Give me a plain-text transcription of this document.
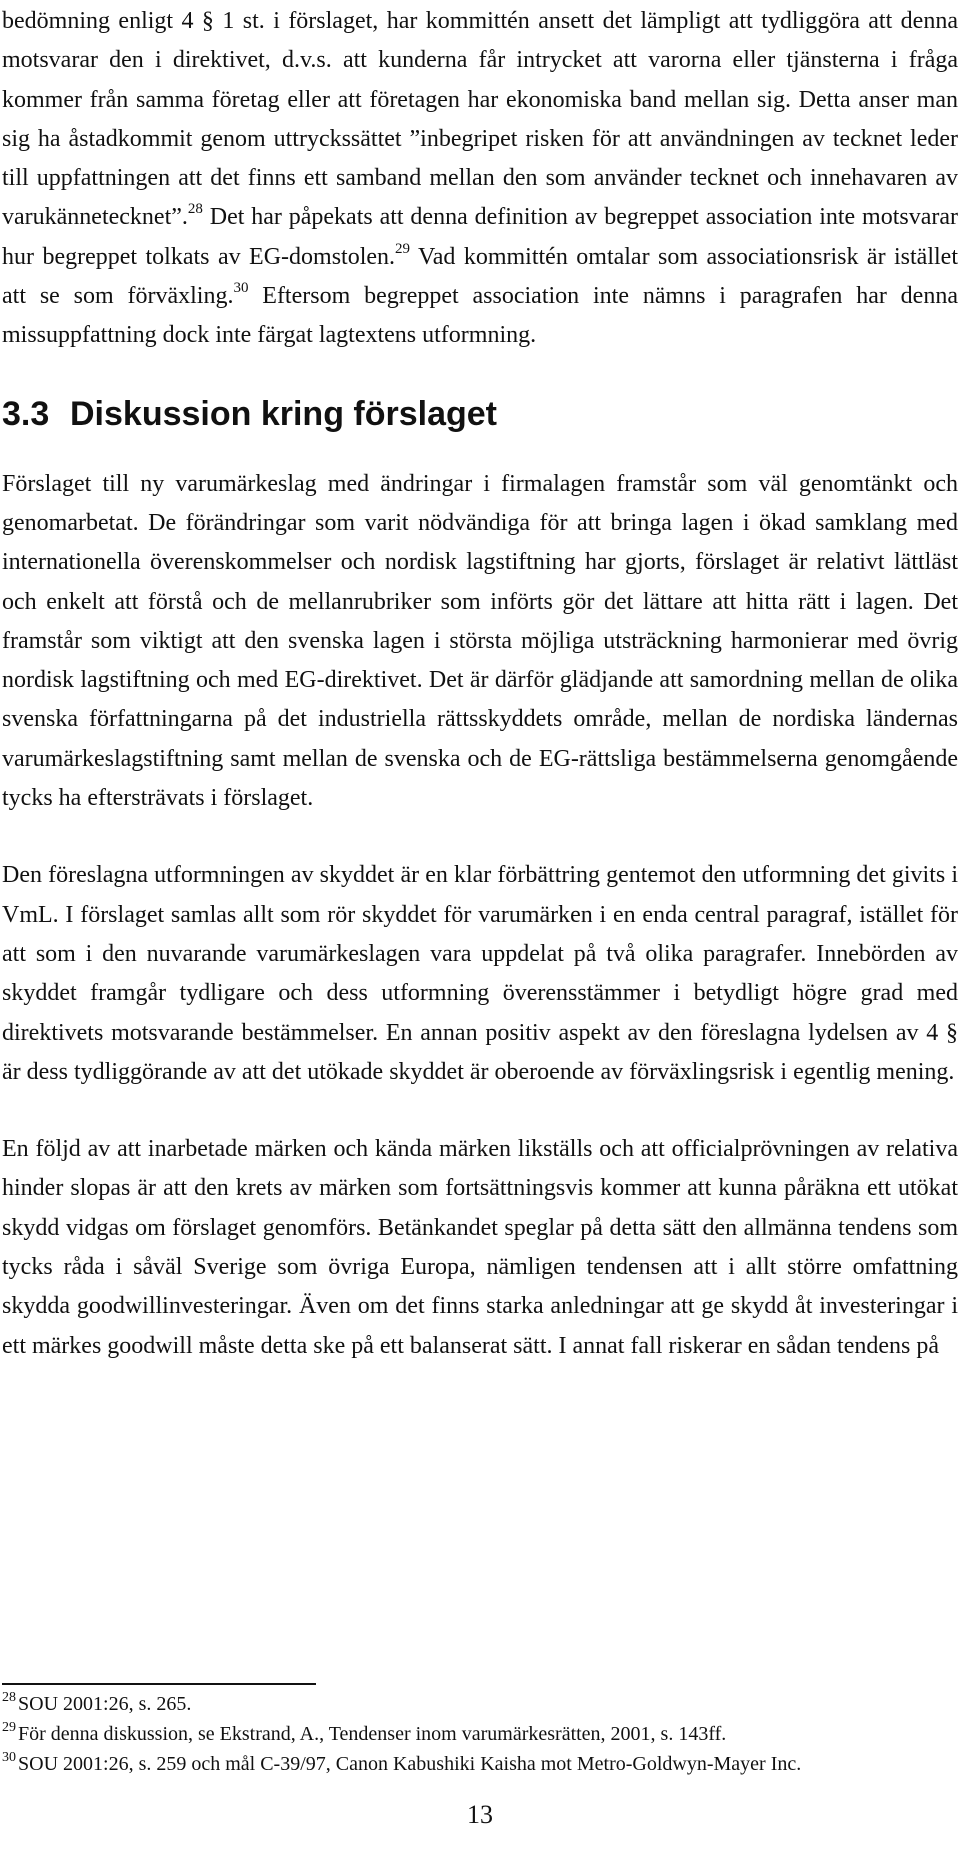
bedömning enligt 4 § 1 st. i förslaget, har kommittén ansett det lämpligt att tydliggöra att denna motsvarar den i direktivet, d.v.s. att kunderna får intrycket att varorna eller tjänsterna i fråga kommer från samma företag eller att företagen har ekonomiska band mellan sig. Detta anser man sig ha åstadkommit genom uttryckssättet ”inbegripet risken för att användningen av tecknet leder till uppfattningen att det finns ett samband mellan den som använder tecknet och innehavaren av varukännetecknet”.$^{28}$ Det har påpekats att denna definition av begreppet association inte motsvarar hur begreppet tolkats av EG-domstolen.$^{29}$ Vad kommittén omtalar som associationsrisk är istället att se som förväxling.$^{30}$ Eftersom begreppet association inte nämns i paragrafen har denna missuppfattning dock inte färgat lagtextens utformning.

3.3 Diskussion kring förslaget

Förslaget till ny varumärkeslag med ändringar i firmalagen framstår som väl genomtänkt och genomarbetat. De förändringar som varit nödvändiga för att bringa lagen i ökad samklang med internationella överenskommelser och nordisk lagstiftning har gjorts, förslaget är relativt lättläst och enkelt att förstå och de mellanrubriker som införts gör det lättare att hitta rätt i lagen. Det framstår som viktigt att den svenska lagen i största möjliga utsträckning harmonierar med övrig nordisk lagstiftning och med EG-direktivet. Det är därför glädjande att samordning mellan de olika svenska författningarna på det industriella rättsskyddets område, mellan de nordiska ländernas varumärkeslagstiftning samt mellan de svenska och de EG-rättsliga bestämmelserna genomgående tycks ha eftersträvats i förslaget.

Den föreslagna utformningen av skyddet är en klar förbättring gentemot den utformning det givits i VmL. I förslaget samlas allt som rör skyddet för varumärken i en enda central paragraf, istället för att som i den nuvarande varumärkeslagen vara uppdelat på två olika paragrafer. Innebörden av skyddet framgår tydligare och dess utformning överensstämmer i betydligt högre grad med direktivets motsvarande bestämmelser. En annan positiv aspekt av den föreslagna lydelsen av 4 § är dess tydliggörande av att det utökade skyddet är oberoende av förväxlingsrisk i egentlig mening.

En följd av att inarbetade märken och kända märken likställs och att officialprövningen av relativa hinder slopas är att den krets av märken som fortsättningsvis kommer att kunna påräkna ett utökat skydd vidgas om förslaget genomförs. Betänkandet speglar på detta sätt den allmänna tendens som tycks råda i såväl Sverige som övriga Europa, nämligen tendensen att i allt större omfattning skydda goodwillinvesteringar. Även om det finns starka anledningar att ge skydd åt investeringar i ett märkes goodwill måste detta ske på ett balanserat sätt. I annat fall riskerar en sådan tendens på

$^{28}$ SOU 2001:26, s. 265.

$^{29}$ För denna diskussion, se Ekstrand, A., Tendenser inom varumärkesrätten, 2001, s. 143ff.

$^{30}$ SOU 2001:26, s. 259 och mål C-39/97, Canon Kabushiki Kaisha mot Metro-Goldwyn-Mayer Inc.

13
